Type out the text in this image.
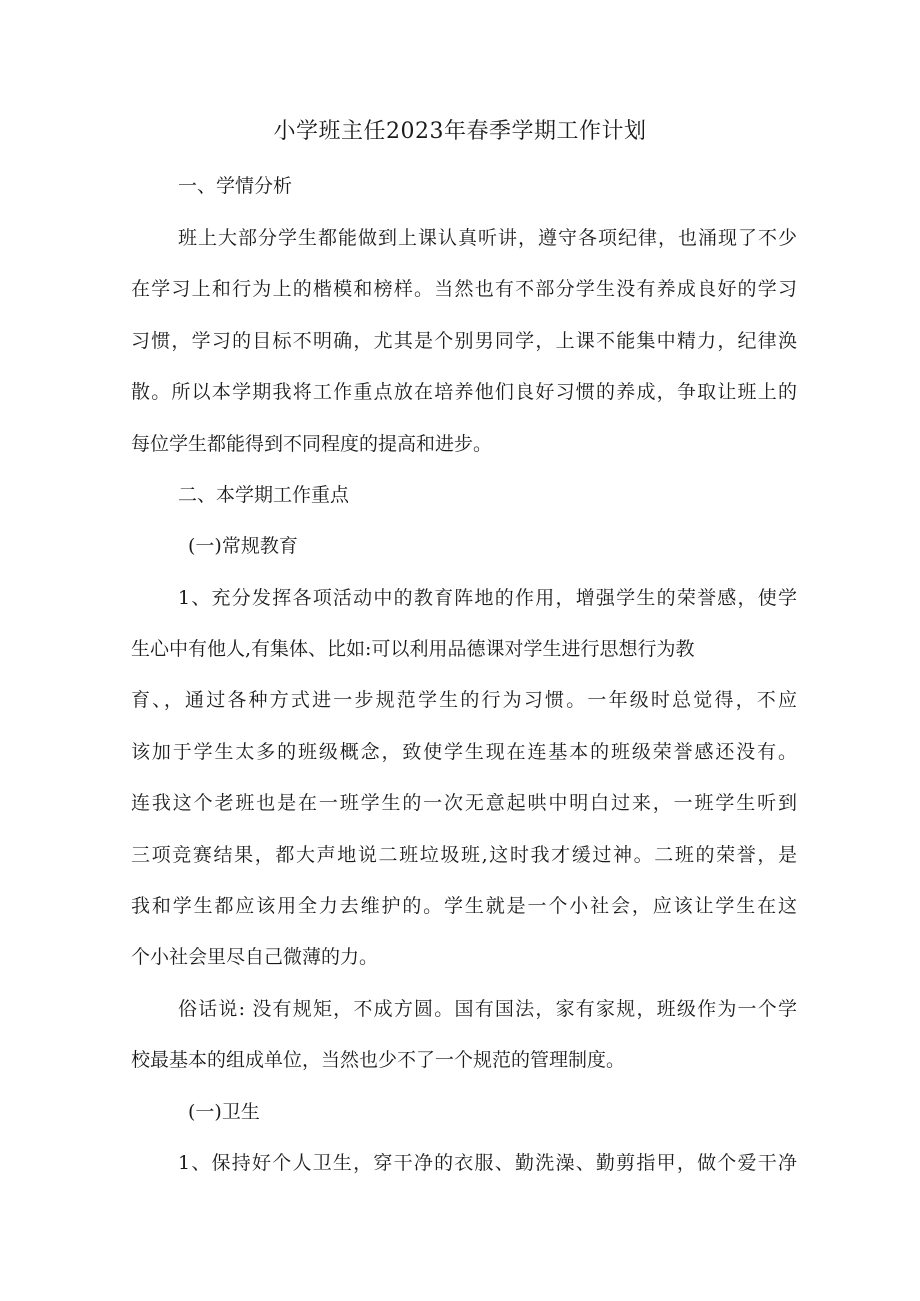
小学班主任2023年春季学期工作计划
一、学情分析
班上大部分学生都能做到上课认真听讲，遵守各项纪律，也涌现了不少
在学习上和行为上的楷模和榜样。当然也有不部分学生没有养成良好的学习
习惯，学习的目标不明确，尤其是个别男同学，上课不能集中精力，纪律涣
散。所以本学期我将工作重点放在培养他们良好习惯的养成，争取让班上的
每位学生都能得到不同程度的提高和进步。
二、本学期工作重点
(一)常规教育
1、充分发挥各项活动中的教育阵地的作用，增强学生的荣誉感，使学
生心中有他人,有集体、比如:可以利用品德课对学生进行思想行为教
育、，通过各种方式进一步规范学生的行为习惯。一年级时总觉得，不应
该加于学生太多的班级概念，致使学生现在连基本的班级荣誉感还没有。
连我这个老班也是在一班学生的一次无意起哄中明白过来，一班学生听到
三项竞赛结果，都大声地说二班垃圾班,这时我才缓过神。二班的荣誉，是
我和学生都应该用全力去维护的。学生就是一个小社会，应该让学生在这
个小社会里尽自己微薄的力。
俗话说: 没有规矩，不成方圆。国有国法，家有家规，班级作为一个学
校最基本的组成单位，当然也少不了一个规范的管理制度。
(一)卫生
1、保持好个人卫生，穿干净的衣服、勤洗澡、勤剪指甲，做个爱干净
